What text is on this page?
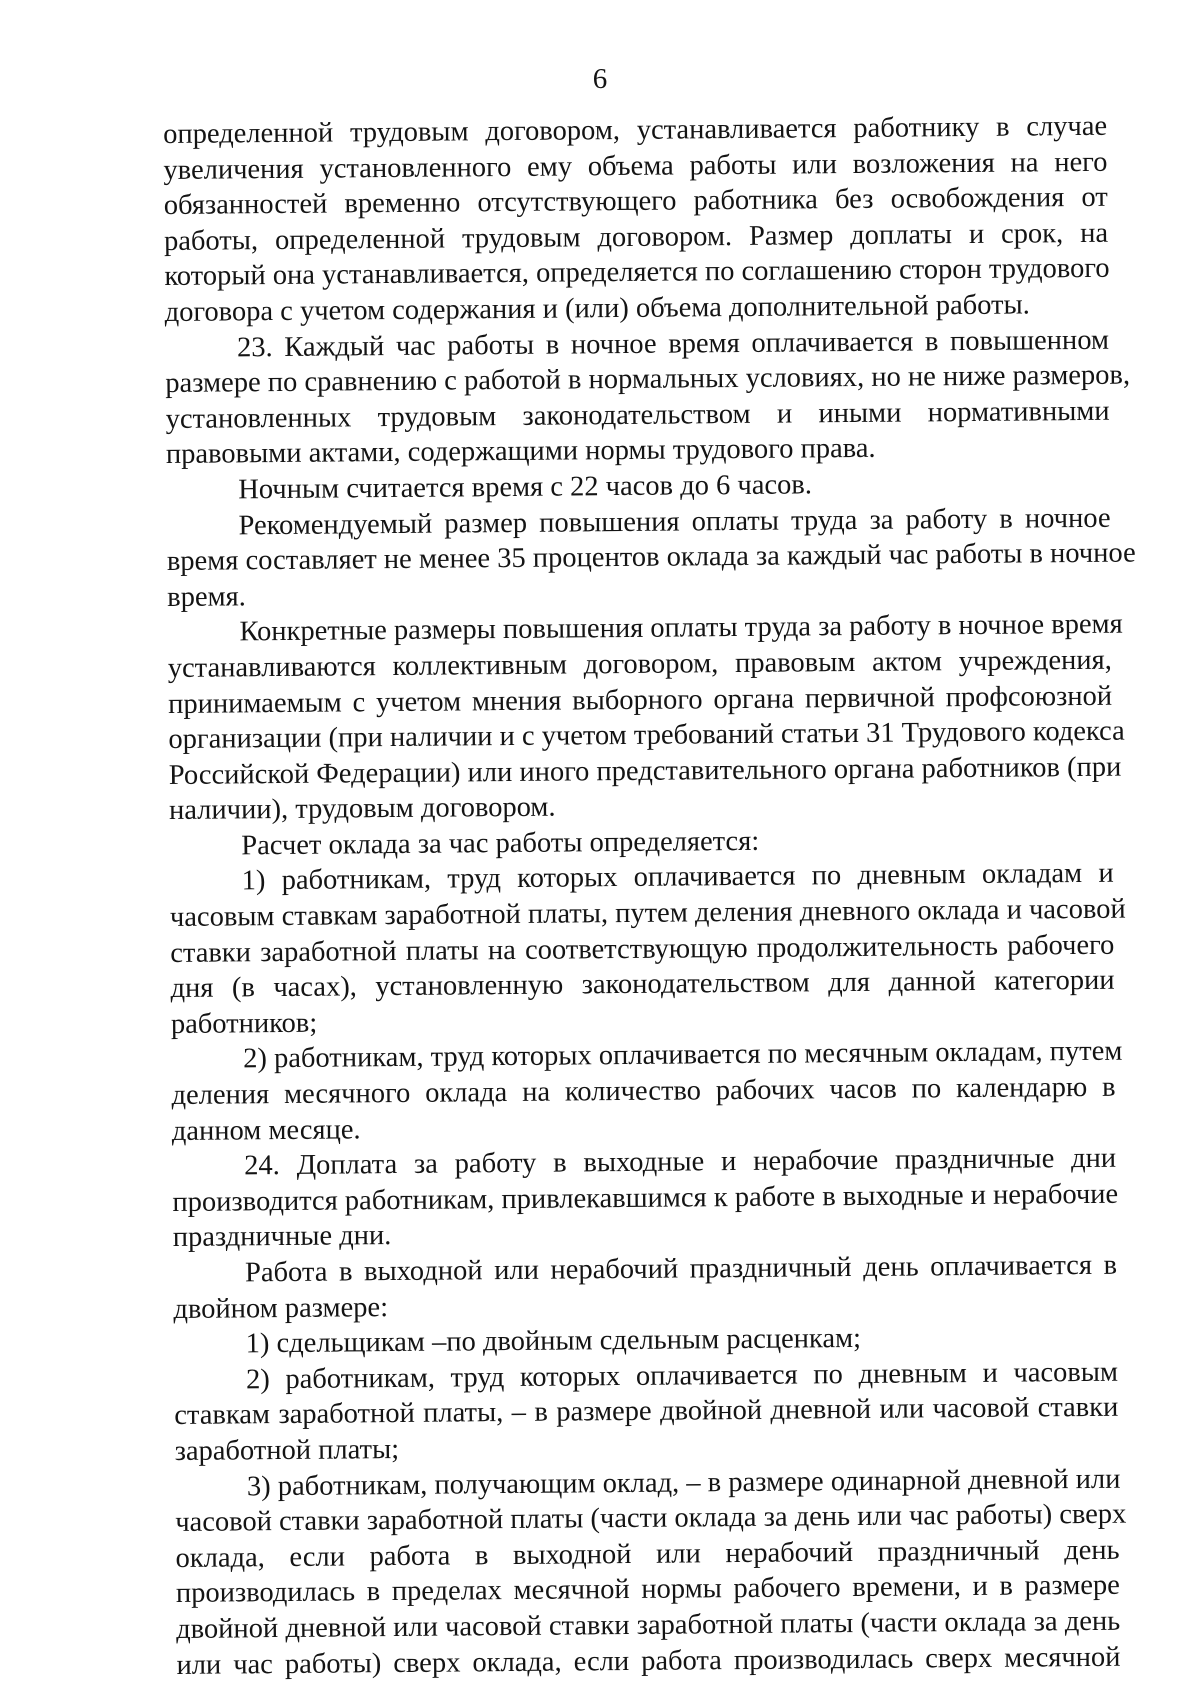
6
определенной трудовым договором, устанавливается работнику в случае
увеличения установленного ему объема работы или возложения на него
обязанностей временно отсутствующего работника без освобождения от
работы, определенной трудовым договором. Размер доплаты и срок, на
который она устанавливается, определяется по соглашению сторон трудового
договора с учетом содержания и (или) объема дополнительной работы.
23. Каждый час работы в ночное время оплачивается в повышенном
размере по сравнению с работой в нормальных условиях, но не ниже размеров,
установленных трудовым законодательством и иными нормативными
правовыми актами, содержащими нормы трудового права.
Ночным считается время с 22 часов до 6 часов.
Рекомендуемый размер повышения оплаты труда за работу в ночное
время составляет не менее 35 процентов оклада за каждый час работы в ночное
время.
Конкретные размеры повышения оплаты труда за работу в ночное время
устанавливаются коллективным договором, правовым актом учреждения,
принимаемым с учетом мнения выборного органа первичной профсоюзной
организации (при наличии и с учетом требований статьи 31 Трудового кодекса
Российской Федерации) или иного представительного органа работников (при
наличии), трудовым договором.
Расчет оклада за час работы определяется:
1) работникам, труд которых оплачивается по дневным окладам и
часовым ставкам заработной платы, путем деления дневного оклада и часовой
ставки заработной платы на соответствующую продолжительность рабочего
дня (в часах), установленную законодательством для данной категории
работников;
2) работникам, труд которых оплачивается по месячным окладам, путем
деления месячного оклада на количество рабочих часов по календарю в
данном месяце.
24. Доплата за работу в выходные и нерабочие праздничные дни
производится работникам, привлекавшимся к работе в выходные и нерабочие
праздничные дни.
Работа в выходной или нерабочий праздничный день оплачивается в
двойном размере:
1) сдельщикам –по двойным сдельным расценкам;
2) работникам, труд которых оплачивается по дневным и часовым
ставкам заработной платы, – в размере двойной дневной или часовой ставки
заработной платы;
3) работникам, получающим оклад, – в размере одинарной дневной или
часовой ставки заработной платы (части оклада за день или час работы) сверх
оклада, если работа в выходной или нерабочий праздничный день
производилась в пределах месячной нормы рабочего времени, и в размере
двойной дневной или часовой ставки заработной платы (части оклада за день
или час работы) сверх оклада, если работа производилась сверх месячной
